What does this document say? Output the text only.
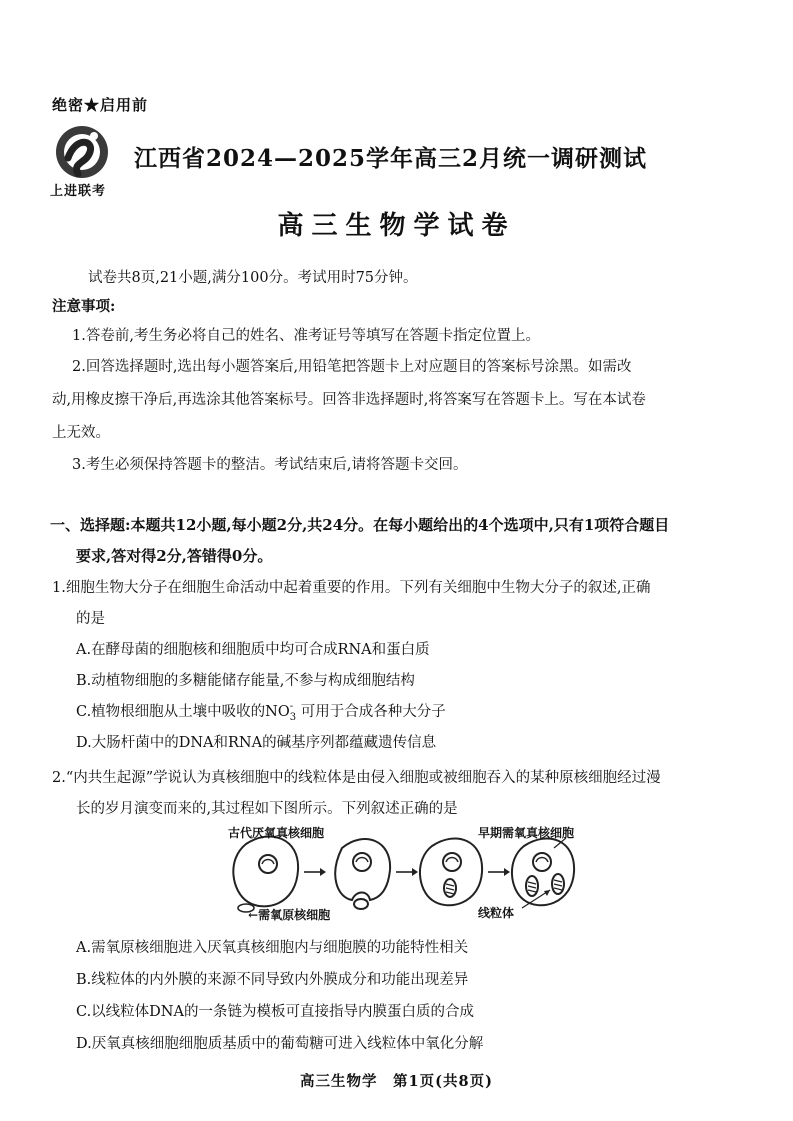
绝密★启用前
上进联考
江西省2024—2025学年高三2月统一调研测试
高三生物学试卷
试卷共8页,21小题,满分100分。考试用时75分钟。
注意事项:
1.答卷前,考生务必将自己的姓名、准考证号等填写在答题卡指定位置上。
2.回答选择题时,选出每小题答案后,用铅笔把答题卡上对应题目的答案标号涂黑。如需改
动,用橡皮擦干净后,再选涂其他答案标号。回答非选择题时,将答案写在答题卡上。写在本试卷
上无效。
3.考生必须保持答题卡的整洁。考试结束后,请将答题卡交回。
一、选择题:本题共12小题,每小题2分,共24分。在每小题给出的4个选项中,只有1项符合题目
要求,答对得2分,答错得0分。
1.细胞生物大分子在细胞生命活动中起着重要的作用。下列有关细胞中生物大分子的叙述,正确
的是
A.在酵母菌的细胞核和细胞质中均可合成RNA和蛋白质
B.动植物细胞的多糖能储存能量,不参与构成细胞结构
C.植物根细胞从土壤中吸收的$NO_3$
- 可用于合成各种大分子
D.大肠杆菌中的DNA和RNA的碱基序列都蕴藏遗传信息
2.“内共生起源”学说认为真核细胞中的线粒体是由侵入细胞或被细胞吞入的某种原核细胞经过漫
长的岁月演变而来的,其过程如下图所示。下列叙述正确的是
古代厌氧真核细胞	早期需氧真核细胞
←需氧原核细胞	线粒体
A.需氧原核细胞进入厌氧真核细胞内与细胞膜的功能特性相关
B.线粒体的内外膜的来源不同导致内外膜成分和功能出现差异
C.以线粒体DNA的一条链为模板可直接指导内膜蛋白质的合成
D.厌氧真核细胞细胞质基质中的葡萄糖可进入线粒体中氧化分解
高三生物学　第1页(共8页)
